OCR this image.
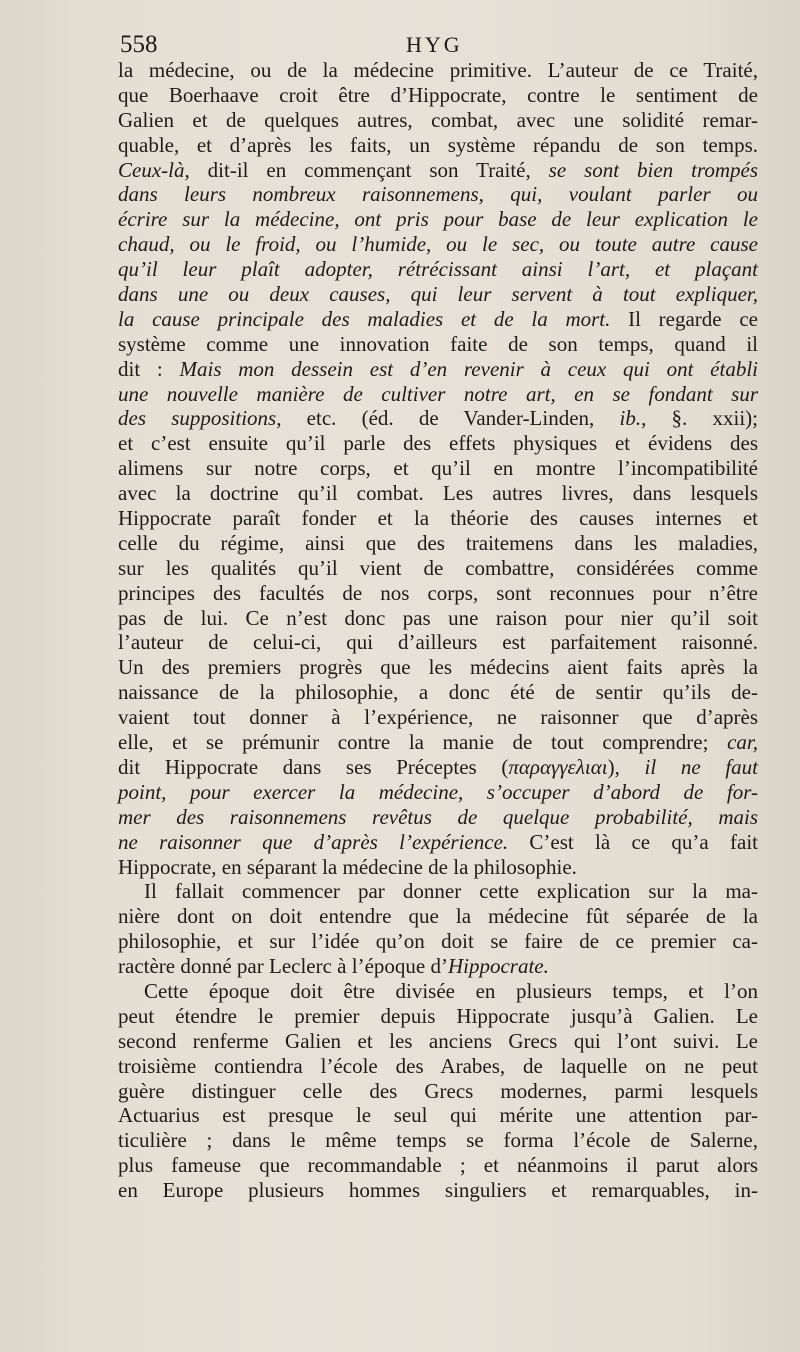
558	HYG
la médecine, ou de la médecine primitive. L’auteur de ce Traité,
que Boerhaave croit être d’Hippocrate, contre le sentiment de
Galien et de quelques autres, combat, avec une solidité remar-
quable, et d’après les faits, un système répandu de son temps.
Ceux-là, dit-il en commençant son Traité, se sont bien trompés
dans leurs nombreux raisonnemens, qui, voulant parler ou
écrire sur la médecine, ont pris pour base de leur explication le
chaud, ou le froid, ou l’humide, ou le sec, ou toute autre cause
qu’il leur plaît adopter, rétrécissant ainsi l’art, et plaçant
dans une ou deux causes, qui leur servent à tout expliquer,
la cause principale des maladies et de la mort. Il regarde ce
système comme une innovation faite de son temps, quand il
dit : Mais mon dessein est d’en revenir à ceux qui ont établi
une nouvelle manière de cultiver notre art, en se fondant sur
des suppositions, etc. (éd. de Vander-Linden, ib., §. xxii);
et c’est ensuite qu’il parle des effets physiques et évidens des
alimens sur notre corps, et qu’il en montre l’incompatibilité
avec la doctrine qu’il combat. Les autres livres, dans lesquels
Hippocrate paraît fonder et la théorie des causes internes et
celle du régime, ainsi que des traitemens dans les maladies,
sur les qualités qu’il vient de combattre, considérées comme
principes des facultés de nos corps, sont reconnues pour n’être
pas de lui. Ce n’est donc pas une raison pour nier qu’il soit
l’auteur de celui-ci, qui d’ailleurs est parfaitement raisonné.
Un des premiers progrès que les médecins aient faits après la
naissance de la philosophie, a donc été de sentir qu’ils de-
vaient tout donner à l’expérience, ne raisonner que d’après
elle, et se prémunir contre la manie de tout comprendre; car,
dit Hippocrate dans ses Préceptes (παραγγελιαι), il ne faut
point, pour exercer la médecine, s’occuper d’abord de for-
mer des raisonnemens revêtus de quelque probabilité, mais
ne raisonner que d’après l’expérience. C’est là ce qu’a fait
Hippocrate, en séparant la médecine de la philosophie.
Il fallait commencer par donner cette explication sur la ma-
nière dont on doit entendre que la médecine fût séparée de la
philosophie, et sur l’idée qu’on doit se faire de ce premier ca-
ractère donné par Leclerc à l’époque d’Hippocrate.
Cette époque doit être divisée en plusieurs temps, et l’on
peut étendre le premier depuis Hippocrate jusqu’à Galien. Le
second renferme Galien et les anciens Grecs qui l’ont suivi. Le
troisième contiendra l’école des Arabes, de laquelle on ne peut
guère distinguer celle des Grecs modernes, parmi lesquels
Actuarius est presque le seul qui mérite une attention par-
ticulière ; dans le même temps se forma l’école de Salerne,
plus fameuse que recommandable ; et néanmoins il parut alors
en Europe plusieurs hommes singuliers et remarquables, in-
